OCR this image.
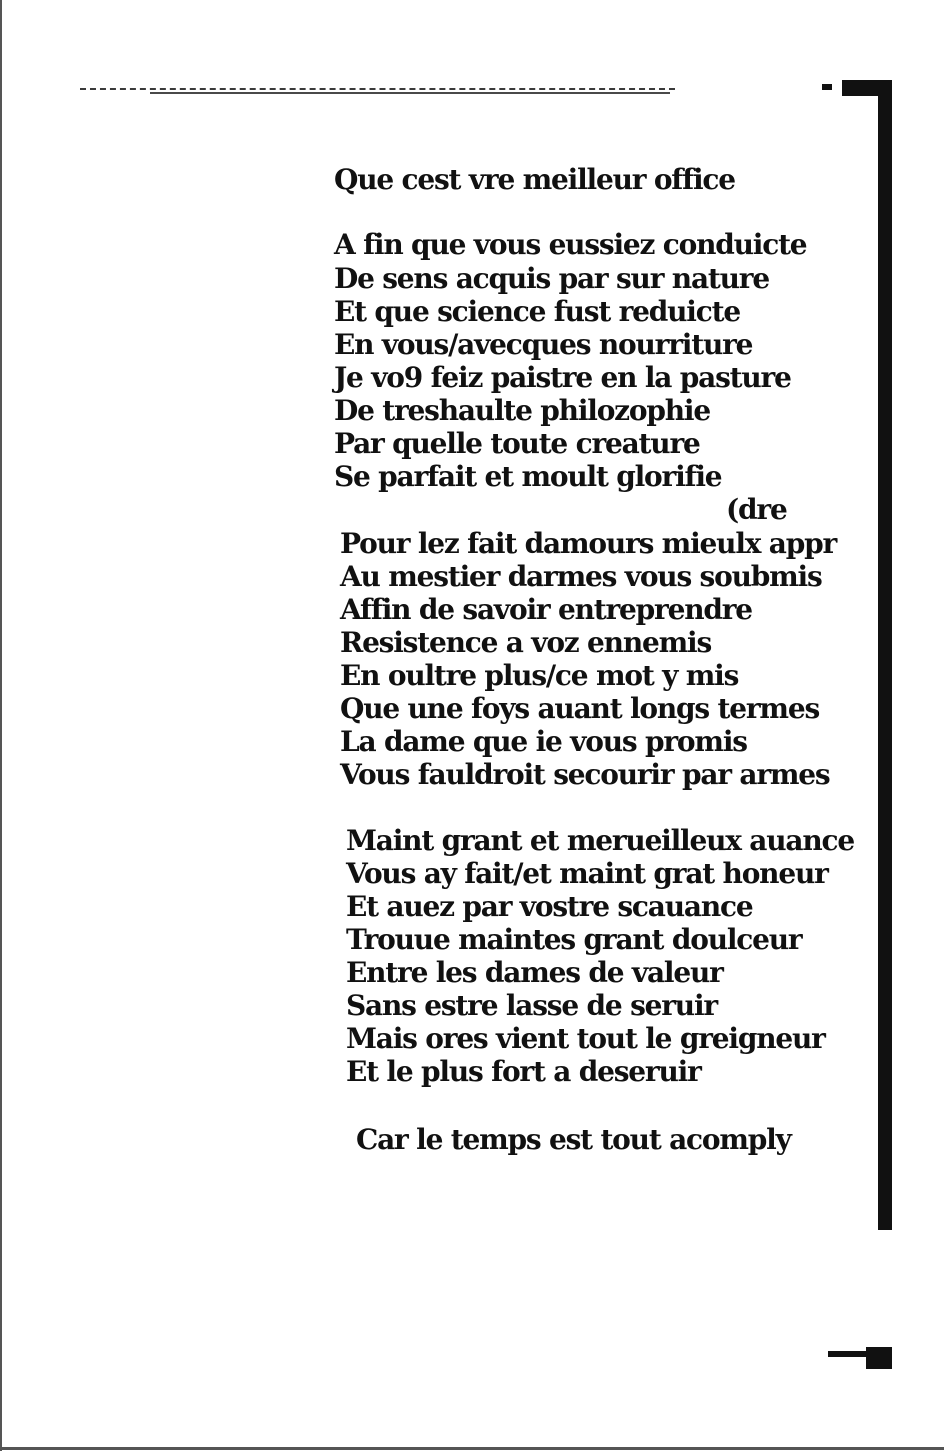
Que cest vre meilleur office
A fin que vous eussiez conduicte
De sens acquis par sur nature
Et que science fust reduicte
En vous/avecques nourriture
Je vo9 feiz paistre en la pasture
De treshaulte philozophie
Par quelle toute creature
Se parfait et moult glorifie
(dre
Pour lez fait damours mieulx appr
Au mestier darmes vous soubmis
Affin de savoir entreprendre
Resistence a voz ennemis
En oultre plus/ce mot y mis
Que une foys auant longs termes
La dame que ie vous promis
Vous fauldroit secourir par armes
Maint grant et merueilleux auance
Vous ay fait/et maint grat honeur
Et auez par vostre scauance
Trouue maintes grant doulceur
Entre les dames de valeur
Sans estre lasse de seruir
Mais ores vient tout le greigneur
Et le plus fort a deseruir
Car le temps est tout acomply
